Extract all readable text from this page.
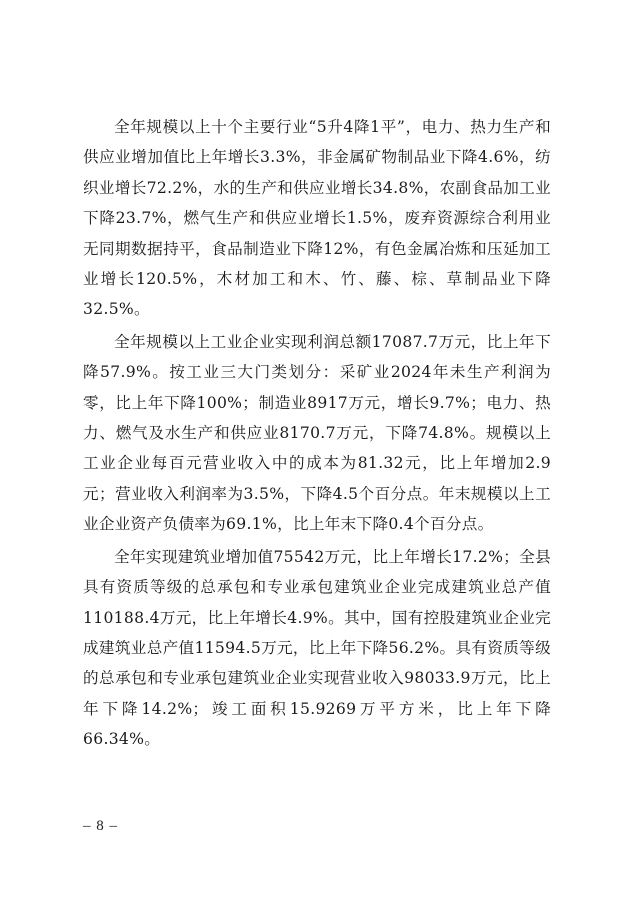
全年规模以上十个主要行业“5升4降1平”，电力、热力生产和供应业增加值比上年增长3.3%，非金属矿物制品业下降4.6%，纺织业增长72.2%，水的生产和供应业增长34.8%，农副食品加工业下降23.7%，燃气生产和供应业增长1.5%，废弃资源综合利用业无同期数据持平，食品制造业下降12%，有色金属冶炼和压延加工业增长120.5%，木材加工和木、竹、藤、棕、草制品业下降32.5%。

全年规模以上工业企业实现利润总额17087.7万元，比上年下降57.9%。按工业三大门类划分：采矿业2024年未生产利润为零，比上年下降100%；制造业8917万元，增长9.7%；电力、热力、燃气及水生产和供应业8170.7万元，下降74.8%。规模以上工业企业每百元营业收入中的成本为81.32元，比上年增加2.9元；营业收入利润率为3.5%，下降4.5个百分点。年末规模以上工业企业资产负债率为69.1%，比上年末下降0.4个百分点。

全年实现建筑业增加值75542万元，比上年增长17.2%；全县具有资质等级的总承包和专业承包建筑业企业完成建筑业总产值110188.4万元，比上年增长4.9%。其中，国有控股建筑业企业完成建筑业总产值11594.5万元，比上年下降56.2%。具有资质等级的总承包和专业承包建筑业企业实现营业收入98033.9万元，比上年下降14.2%；竣工面积15.9269万平方米，比上年下降66.34%。

– 8 –
